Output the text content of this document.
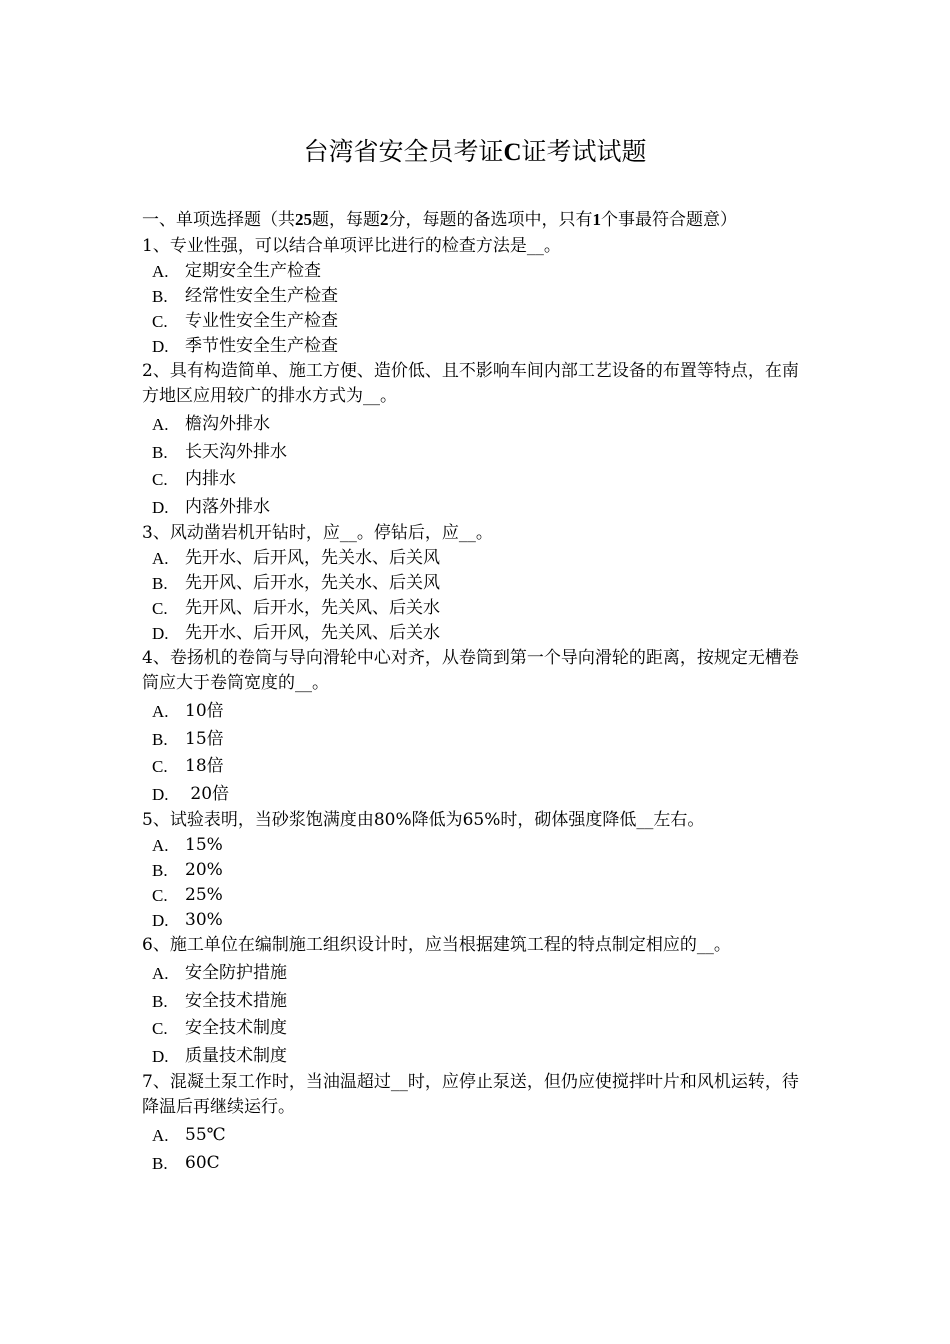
台湾省安全员考证C证考试试题
一、单项选择题（共25题，每题2分，每题的备选项中，只有1个事最符合题意）

1、专业性强，可以结合单项评比进行的检查方法是__。

A. 定期安全生产检查
B.	经常性安全生产检查
C.	专业性安全生产检查
D. 季节性安全生产检查

2、具有构造简单、施工方便、造价低、且不影响车间内部工艺设备的布置等特点，在南方地区应用较广的排水方式为__。

A. 檐沟外排水
B.	长天沟外排水
C.	内排水
D. 内落外排水

3、风动凿岩机开钻时，应__。停钻后，应__。

A. 先开水、后开风，先关水、后关风
B.	先开风、后开水，先关水、后关风
C.	先开风、后开水，先关风、后关水
D. 先开水、后开风，先关风、后关水

4、卷扬机的卷筒与导向滑轮中心对齐，从卷筒到第一个导向滑轮的距离，按规定无槽卷筒应大于卷筒宽度的__。

A. 10倍
B.	15倍
C.	18倍
D. 20倍

5、试验表明，当砂浆饱满度由80%降低为65%时，砌体强度降低__左右。

A. 15%
B.	20%
C.	25%
D. 30%

6、施工单位在编制施工组织设计时，应当根据建筑工程的特点制定相应的__。

A. 安全防护措施
B.	安全技术措施
C.	安全技术制度
D. 质量技术制度

7、混凝土泵工作时，当油温超过__时，应停止泵送，但仍应使搅拌叶片和风机运转，待降温后再继续运行。

A. 55℃
B.	60C
